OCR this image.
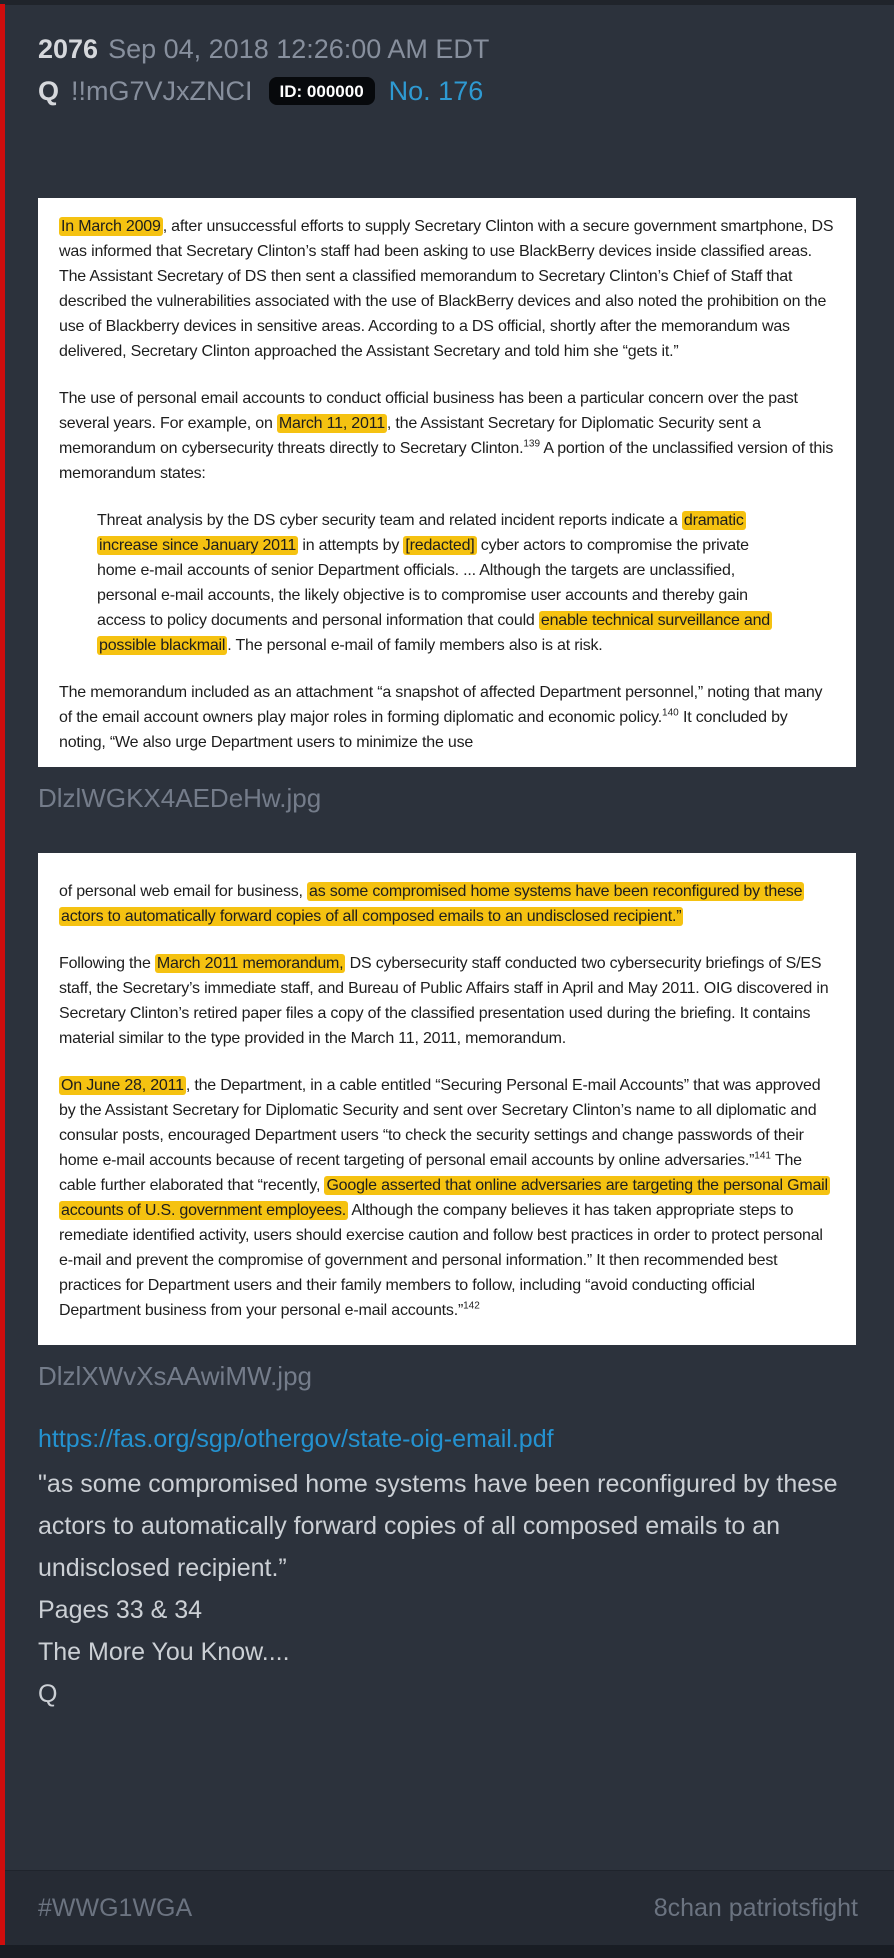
2076 Sep 04, 2018 12:26:00 AM EDT
Q !!mG7VJxZNCI	ID: 000000 No. 176
In March 2009 , after unsuccessful efforts to supply Secretary Clinton with a secure government smartphone, DS was informed that Secretary Clinton’s staff had been asking to use BlackBerry devices inside classified areas. The Assistant Secretary of DS then sent a classified memorandum to Secretary Clinton’s Chief of Staff that described the vulnerabilities associated with the use of BlackBerry devices and also noted the prohibition on the use of Blackberry devices in sensitive areas. According to a DS official, shortly after the memorandum was delivered, Secretary Clinton approached the Assistant Secretary and told him she “gets it.”
The use of personal email accounts to conduct official business has been a particular concern over the past several years. For example, on March 11, 2011 , the Assistant Secretary for Diplomatic Security sent a memorandum on cybersecurity threats directly to Secretary Clinton.$^{139}$ A portion of the unclassified version of this memorandum states:
Threat analysis by the DS cyber security team and related incident reports indicate a dramatic increase since January 2011 in attempts by [redacted] cyber actors to compromise the private home e-mail accounts of senior Department officials. ... Although the targets are unclassified, personal e-mail accounts, the likely objective is to compromise user accounts and thereby gain access to policy documents and personal information that could enable technical surveillance and possible blackmail . The personal e-mail of family members also is at risk.
The memorandum included as an attachment “a snapshot of affected Department personnel,” noting that many of the email account owners play major roles in forming diplomatic and economic policy.$^{140}$ It concluded by noting, “We also urge Department users to minimize the use
DlzlWGKX4AEDeHw.jpg
of personal web email for business, as some compromised home systems have been reconfigured by these actors to automatically forward copies of all composed emails to an undisclosed recipient.”
Following the March 2011 memorandum, DS cybersecurity staff conducted two cybersecurity briefings of S/ES staff, the Secretary’s immediate staff, and Bureau of Public Affairs staff in April and May 2011. OIG discovered in Secretary Clinton’s retired paper files a copy of the classified presentation used during the briefing. It contains material similar to the type provided in the March 11, 2011, memorandum.
On June 28, 2011 , the Department, in a cable entitled “Securing Personal E-mail Accounts” that was approved by the Assistant Secretary for Diplomatic Security and sent over Secretary Clinton’s name to all diplomatic and consular posts, encouraged Department users “to check the security settings and change passwords of their home e-mail accounts because of recent targeting of personal email accounts by online adversaries.”$^{141}$ The cable further elaborated that “recently, Google asserted that online adversaries are targeting the personal Gmail accounts of U.S. government employees. Although the company believes it has taken appropriate steps to remediate identified activity, users should exercise caution and follow best practices in order to protect personal e-mail and prevent the compromise of government and personal information.” It then recommended best practices for Department users and their family members to follow, including “avoid conducting official Department business from your personal e-mail accounts.”$^{142}$
DlzlXWvXsAAwiMW.jpg
https://fas.org/sgp/othergov/state-oig-email.pdf
"as some compromised home systems have been reconfigured by these actors to automatically forward copies of all composed emails to an undisclosed recipient.”
Pages 33 & 34
The More You Know....
Q
#WWG1WGA	8chan patriotsfight
